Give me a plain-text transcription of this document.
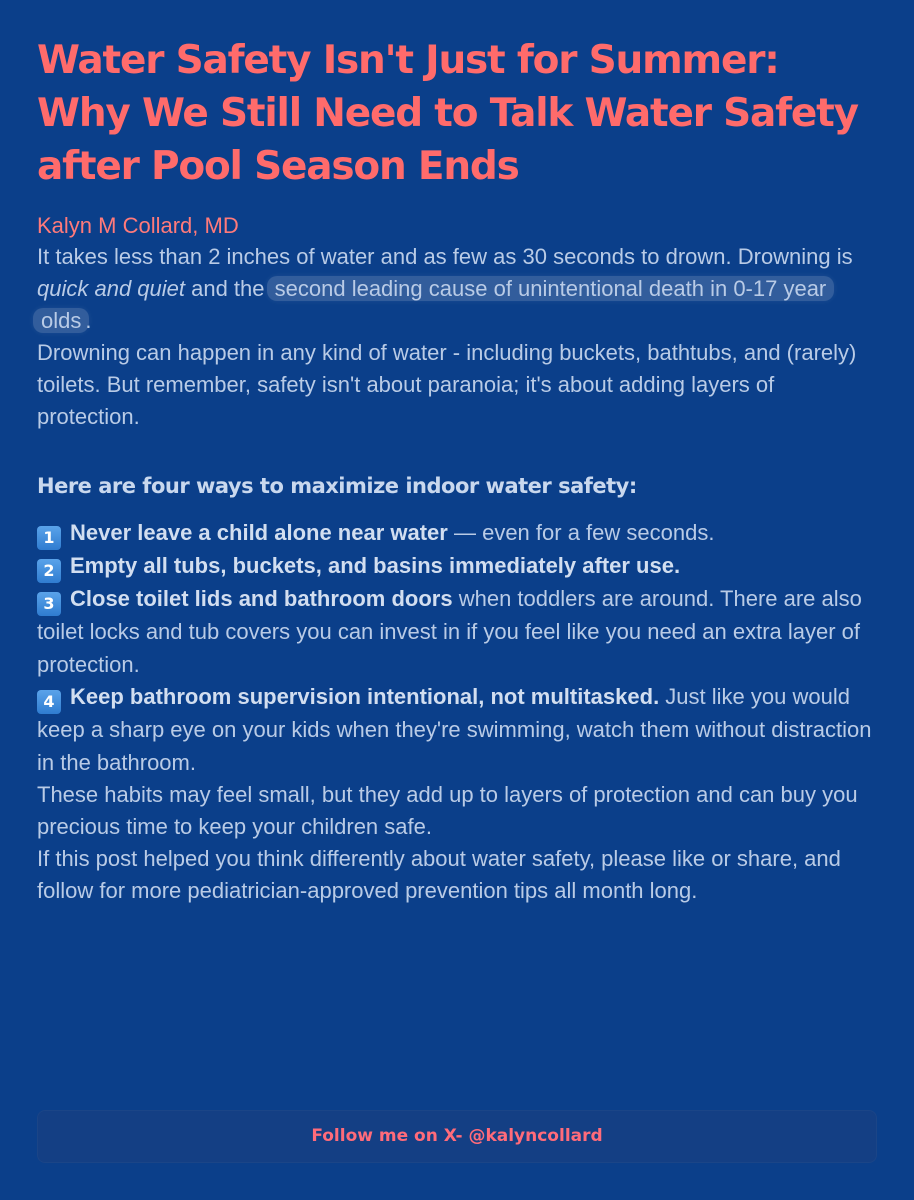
Water Safety Isn't Just for Summer: Why We Still Need to Talk Water Safety after Pool Season Ends
Kalyn M Collard, MD

It takes less than 2 inches of water and as few as 30 seconds to drown. Drowning is quick and quiet and the second leading cause of unintentional death in 0-17 year olds .

Drowning can happen in any kind of water - including buckets, bathtubs, and (rarely) toilets. But remember, safety isn't about paranoia; it's about adding layers of protection.

Here are four ways to maximize indoor water safety:
1 Never leave a child alone near water — even for a few seconds.
2 Empty all tubs, buckets, and basins immediately after use.
3 Close toilet lids and bathroom doors when toddlers are around. There are also toilet locks and tub covers you can invest in if you feel like you need an extra layer of protection.
4 Keep bathroom supervision intentional, not multitasked. Just like you would keep a sharp eye on your kids when they're swimming, watch them without distraction in the bathroom.

These habits may feel small, but they add up to layers of protection and can buy you precious time to keep your children safe.

If this post helped you think differently about water safety, please like or share, and follow for more pediatrician-approved prevention tips all month long.

Follow me on X- @kalyncollard
